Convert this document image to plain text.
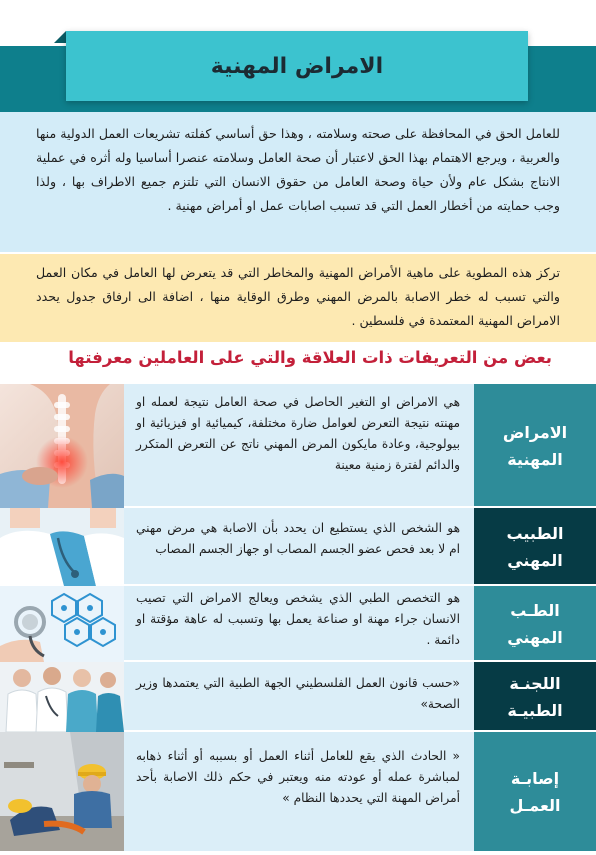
الامراض المهنية

للعامل الحق في المحافظة على صحته وسلامته ، وهذا حق أساسي كفلته تشريعات العمل الدولية منها والعربية ، ويرجع الاهتمام بهذا الحق لاعتبار أن صحة العامل وسلامته عنصرا أساسيا وله أثره في عملية الانتاج بشكل عام ولأن حياة وصحة العامل من حقوق الانسان التي تلتزم جميع الاطراف بها ، ولذا وجب حمايته من أخطار العمل التي قد تسبب اصابات عمل او أمراض مهنية .

تركز هذه المطوية على ماهية الأمراض المهنية والمخاطر التي قد يتعرض لها العامل في مكان العمل والتي تسبب له خطر الاصابة بالمرض المهني وطرق الوقاية منها ، اضافة الى ارفاق جدول يحدد الامراض المهنية المعتمدة في فلسطين .

بعض من التعريفات ذات العلاقة والتي على العاملين معرفتها

هي الامراض او التغير الحاصل في صحة العامل نتيجة لعمله او مهنته نتيجة التعرض لعوامل ضارة مختلفة، كيميائية او فيزيائية او بيولوجية، وعادة مايكون المرض المهني ناتج عن التعرض المتكرر والدائم لفترة زمنية معينة

الامراض
المهنية

هو الشخص الذي يستطيع ان يحدد بأن الاصابة هي مرض مهني ام لا بعد فحص عضو الجسم المصاب او جهاز الجسم المصاب

الطبيب
المهني

هو التخصص الطبي الذي يشخص ويعالج الامراض التي تصيب الانسان جراء مهنة او صناعة يعمل بها وتسبب له عاهة مؤقتة او دائمة .

الطـب
المهني

«حسب قانون العمل الفلسطيني الجهة الطبية التي يعتمدها وزير الصحة»

اللجنـة
الطبيـة

« الحادث الذي يقع للعامل أثناء العمل أو بسببه أو أثناء ذهابه لمباشرة عمله أو عودته منه ويعتبر في حكم ذلك الاصابة بأحد أمراض المهنة التي يحددها النظام »

إصابـة
العمـل
